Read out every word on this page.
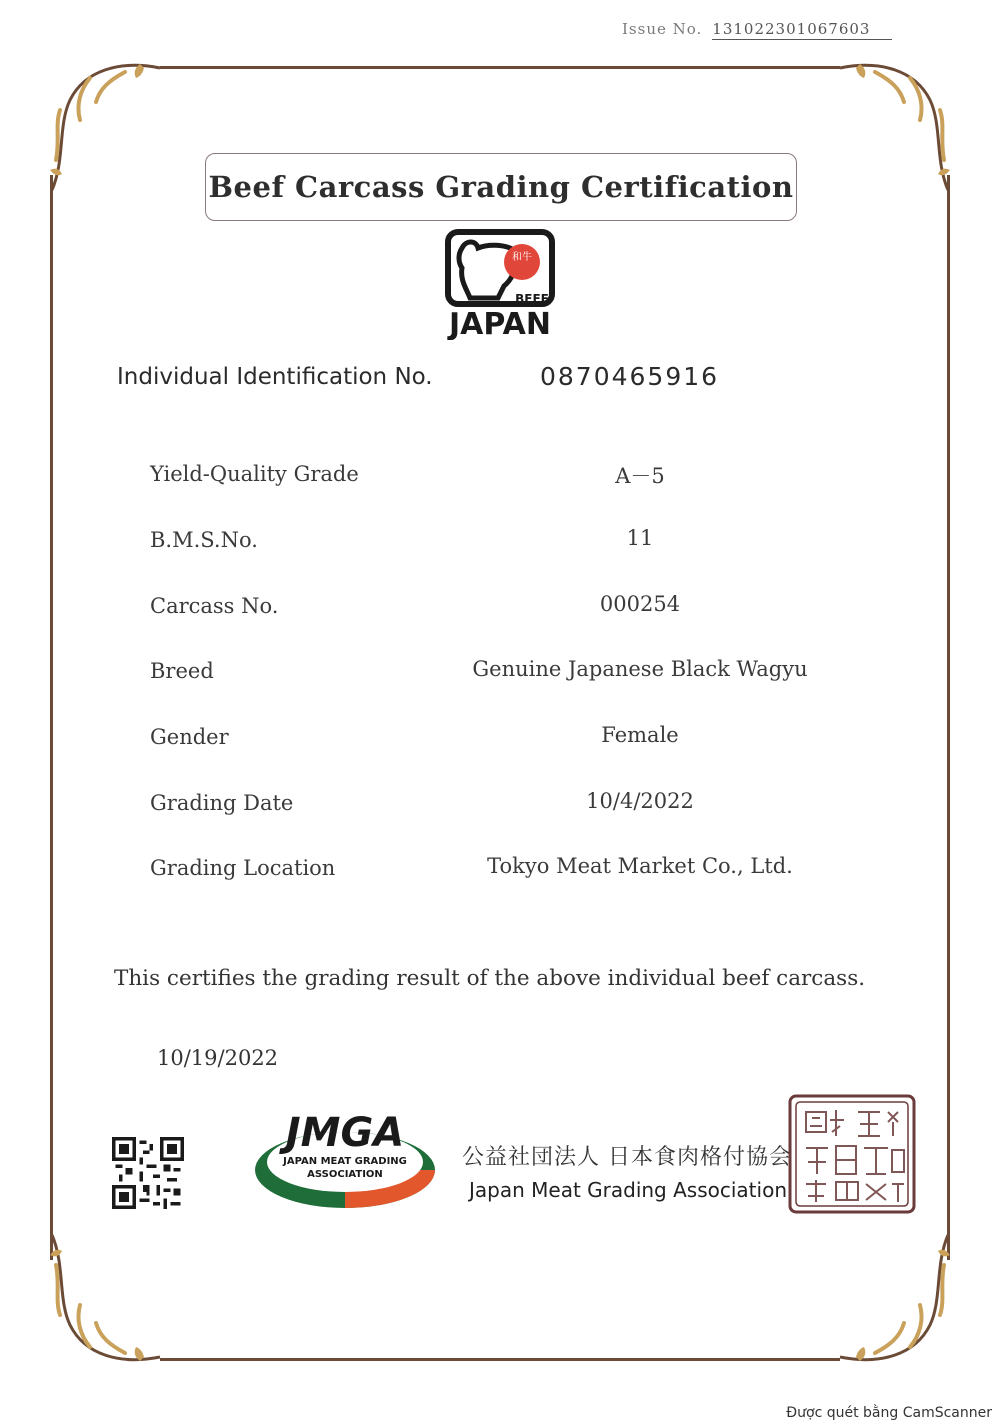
Issue No. 131022301067603
Beef Carcass Grading Certification
和牛
BEEF
JAPAN
Individual Identification No.	0870465916
Yield-Quality Grade	A－5
B.M.S.No.	11
Carcass No.	000254
Breed	Genuine Japanese Black Wagyu
Gender	Female
Grading Date	10/4/2022
Grading Location	Tokyo Meat Market Co., Ltd.
This certifies the grading result of the above individual beef carcass.
10/19/2022
JMGA
JAPAN MEAT GRADING
ASSOCIATION
公益社団法人 日本食肉格付協会
Japan Meat Grading Association
Được quét bằng CamScanner
